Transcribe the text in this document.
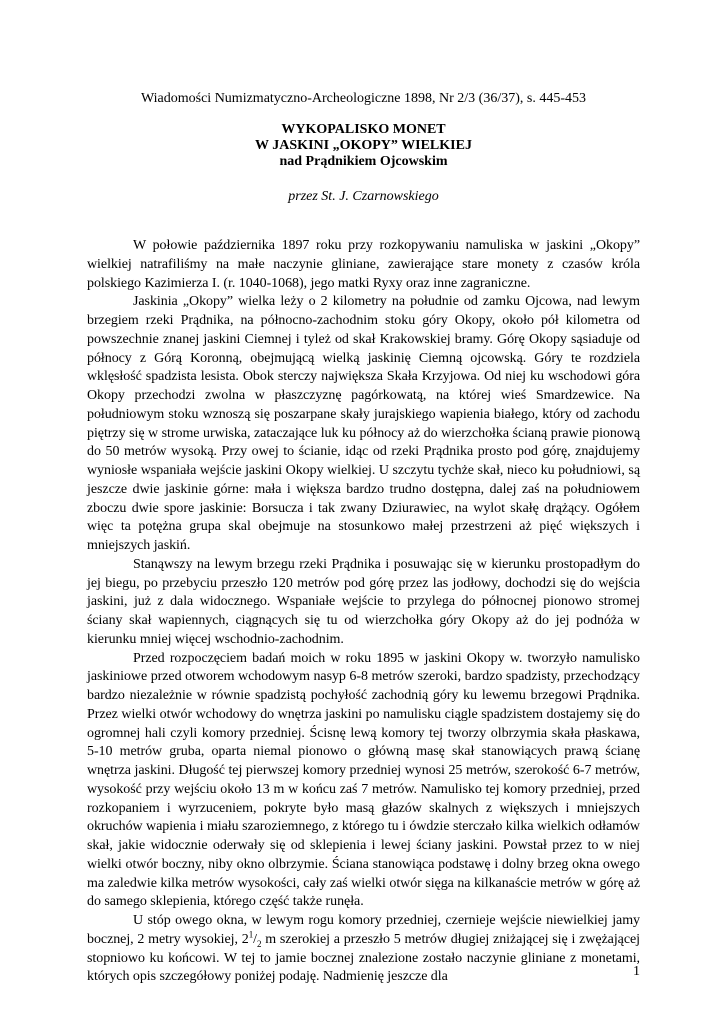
Wiadomości Numizmatyczno-Archeologiczne 1898, Nr 2/3 (36/37), s. 445-453
WYKOPALISKO MONET
W JASKINI „OKOPY” WIELKIEJ
nad Prądnikiem Ojcowskim
przez St. J. Czarnowskiego

W połowie października 1897 roku przy rozkopywaniu namuliska w jaskini „Okopy” wielkiej natrafiliśmy na małe naczynie gliniane, zawierające stare monety z czasów króla polskiego Kazimierza I. (r. 1040-1068), jego matki Ryxy oraz inne zagraniczne.

Jaskinia „Okopy” wielka leży o 2 kilometry na południe od zamku Ojcowa, nad lewym brzegiem rzeki Prądnika, na północno-zachodnim stoku góry Okopy, około pół kilometra od powszechnie znanej jaskini Ciemnej i tyleż od skał Krakowskiej bramy. Górę Okopy sąsiaduje od północy z Górą Koronną, obejmującą wielką jaskinię Ciemną ojcowską. Góry te rozdziela wklęsłość spadzista lesista. Obok sterczy największa Skała Krzyjowa. Od niej ku wschodowi góra Okopy przechodzi zwolna w płaszczyznę pagórkowatą, na której wieś Smardzewice. Na południowym stoku wznoszą się poszarpane skały jurajskiego wapienia białego, który od zachodu piętrzy się w strome urwiska, zataczające luk ku północy aż do wierzchołka ścianą prawie pionową do 50 metrów wysoką. Przy owej to ścianie, idąc od rzeki Prądnika prosto pod górę, znajdujemy wyniosłe wspaniała wejście jaskini Okopy wielkiej. U szczytu tychże skał, nieco ku południowi, są jeszcze dwie jaskinie górne: mała i większa bardzo trudno dostępna, dalej zaś na południowem zboczu dwie spore jaskinie: Borsucza i tak zwany Dziurawiec, na wylot skałę drążący. Ogółem więc ta potężna grupa skal obejmuje na stosunkowo małej przestrzeni aż pięć większych i mniejszych jaskiń.

Stanąwszy na lewym brzegu rzeki Prądnika i posuwając się w kierunku prostopadłym do jej biegu, po przebyciu przeszło 120 metrów pod górę przez las jodłowy, dochodzi się do wejścia jaskini, już z dala widocznego. Wspaniałe wejście to przylega do północnej pionowo stromej ściany skał wapiennych, ciągnących się tu od wierzchołka góry Okopy aż do jej podnóża w kierunku mniej więcej wschodnio-zachodnim.

Przed rozpoczęciem badań moich w roku 1895 w jaskini Okopy w. tworzyło namulisko jaskiniowe przed otworem wchodowym nasyp 6-8 metrów szeroki, bardzo spadzisty, przechodzący bardzo niezależnie w równie spadzistą pochyłość zachodnią góry ku lewemu brzegowi Prądnika. Przez wielki otwór wchodowy do wnętrza jaskini po namulisku ciągle spadzistem dostajemy się do ogromnej hali czyli komory przedniej. Ścisnę lewą komory tej tworzy olbrzymia skała płaskawa, 5-10 metrów gruba, oparta niemal pionowo o główną masę skał stanowiących prawą ścianę wnętrza jaskini. Długość tej pierwszej komory przedniej wynosi 25 metrów, szerokość 6-7 metrów, wysokość przy wejściu około 13 m w końcu zaś 7 metrów. Namulisko tej komory przedniej, przed rozkopaniem i wyrzuceniem, pokryte było masą głazów skalnych z większych i mniejszych okruchów wapienia i miału szaroziemnego, z którego tu i ówdzie sterczało kilka wielkich odłamów skał, jakie widocznie oderwały się od sklepienia i lewej ściany jaskini. Powstał przez to w niej wielki otwór boczny, niby okno olbrzymie. Ściana stanowiąca podstawę i dolny brzeg okna owego ma zaledwie kilka metrów wysokości, cały zaś wielki otwór sięga na kilkanaście metrów w górę aż do samego sklepienia, którego część także runęła.

U stóp owego okna, w lewym rogu komory przedniej, czernieje wejście niewielkiej jamy bocznej, 2 metry wysokiej, $2^1/_2$ m szerokiej a przeszło 5 metrów długiej zniżającej się i zwężającej stopniowo ku końcowi. W tej to jamie bocznej znalezione zostało naczynie gliniane z monetami, których opis szczegółowy poniżej podaję. Nadmienię jeszcze dla	1
